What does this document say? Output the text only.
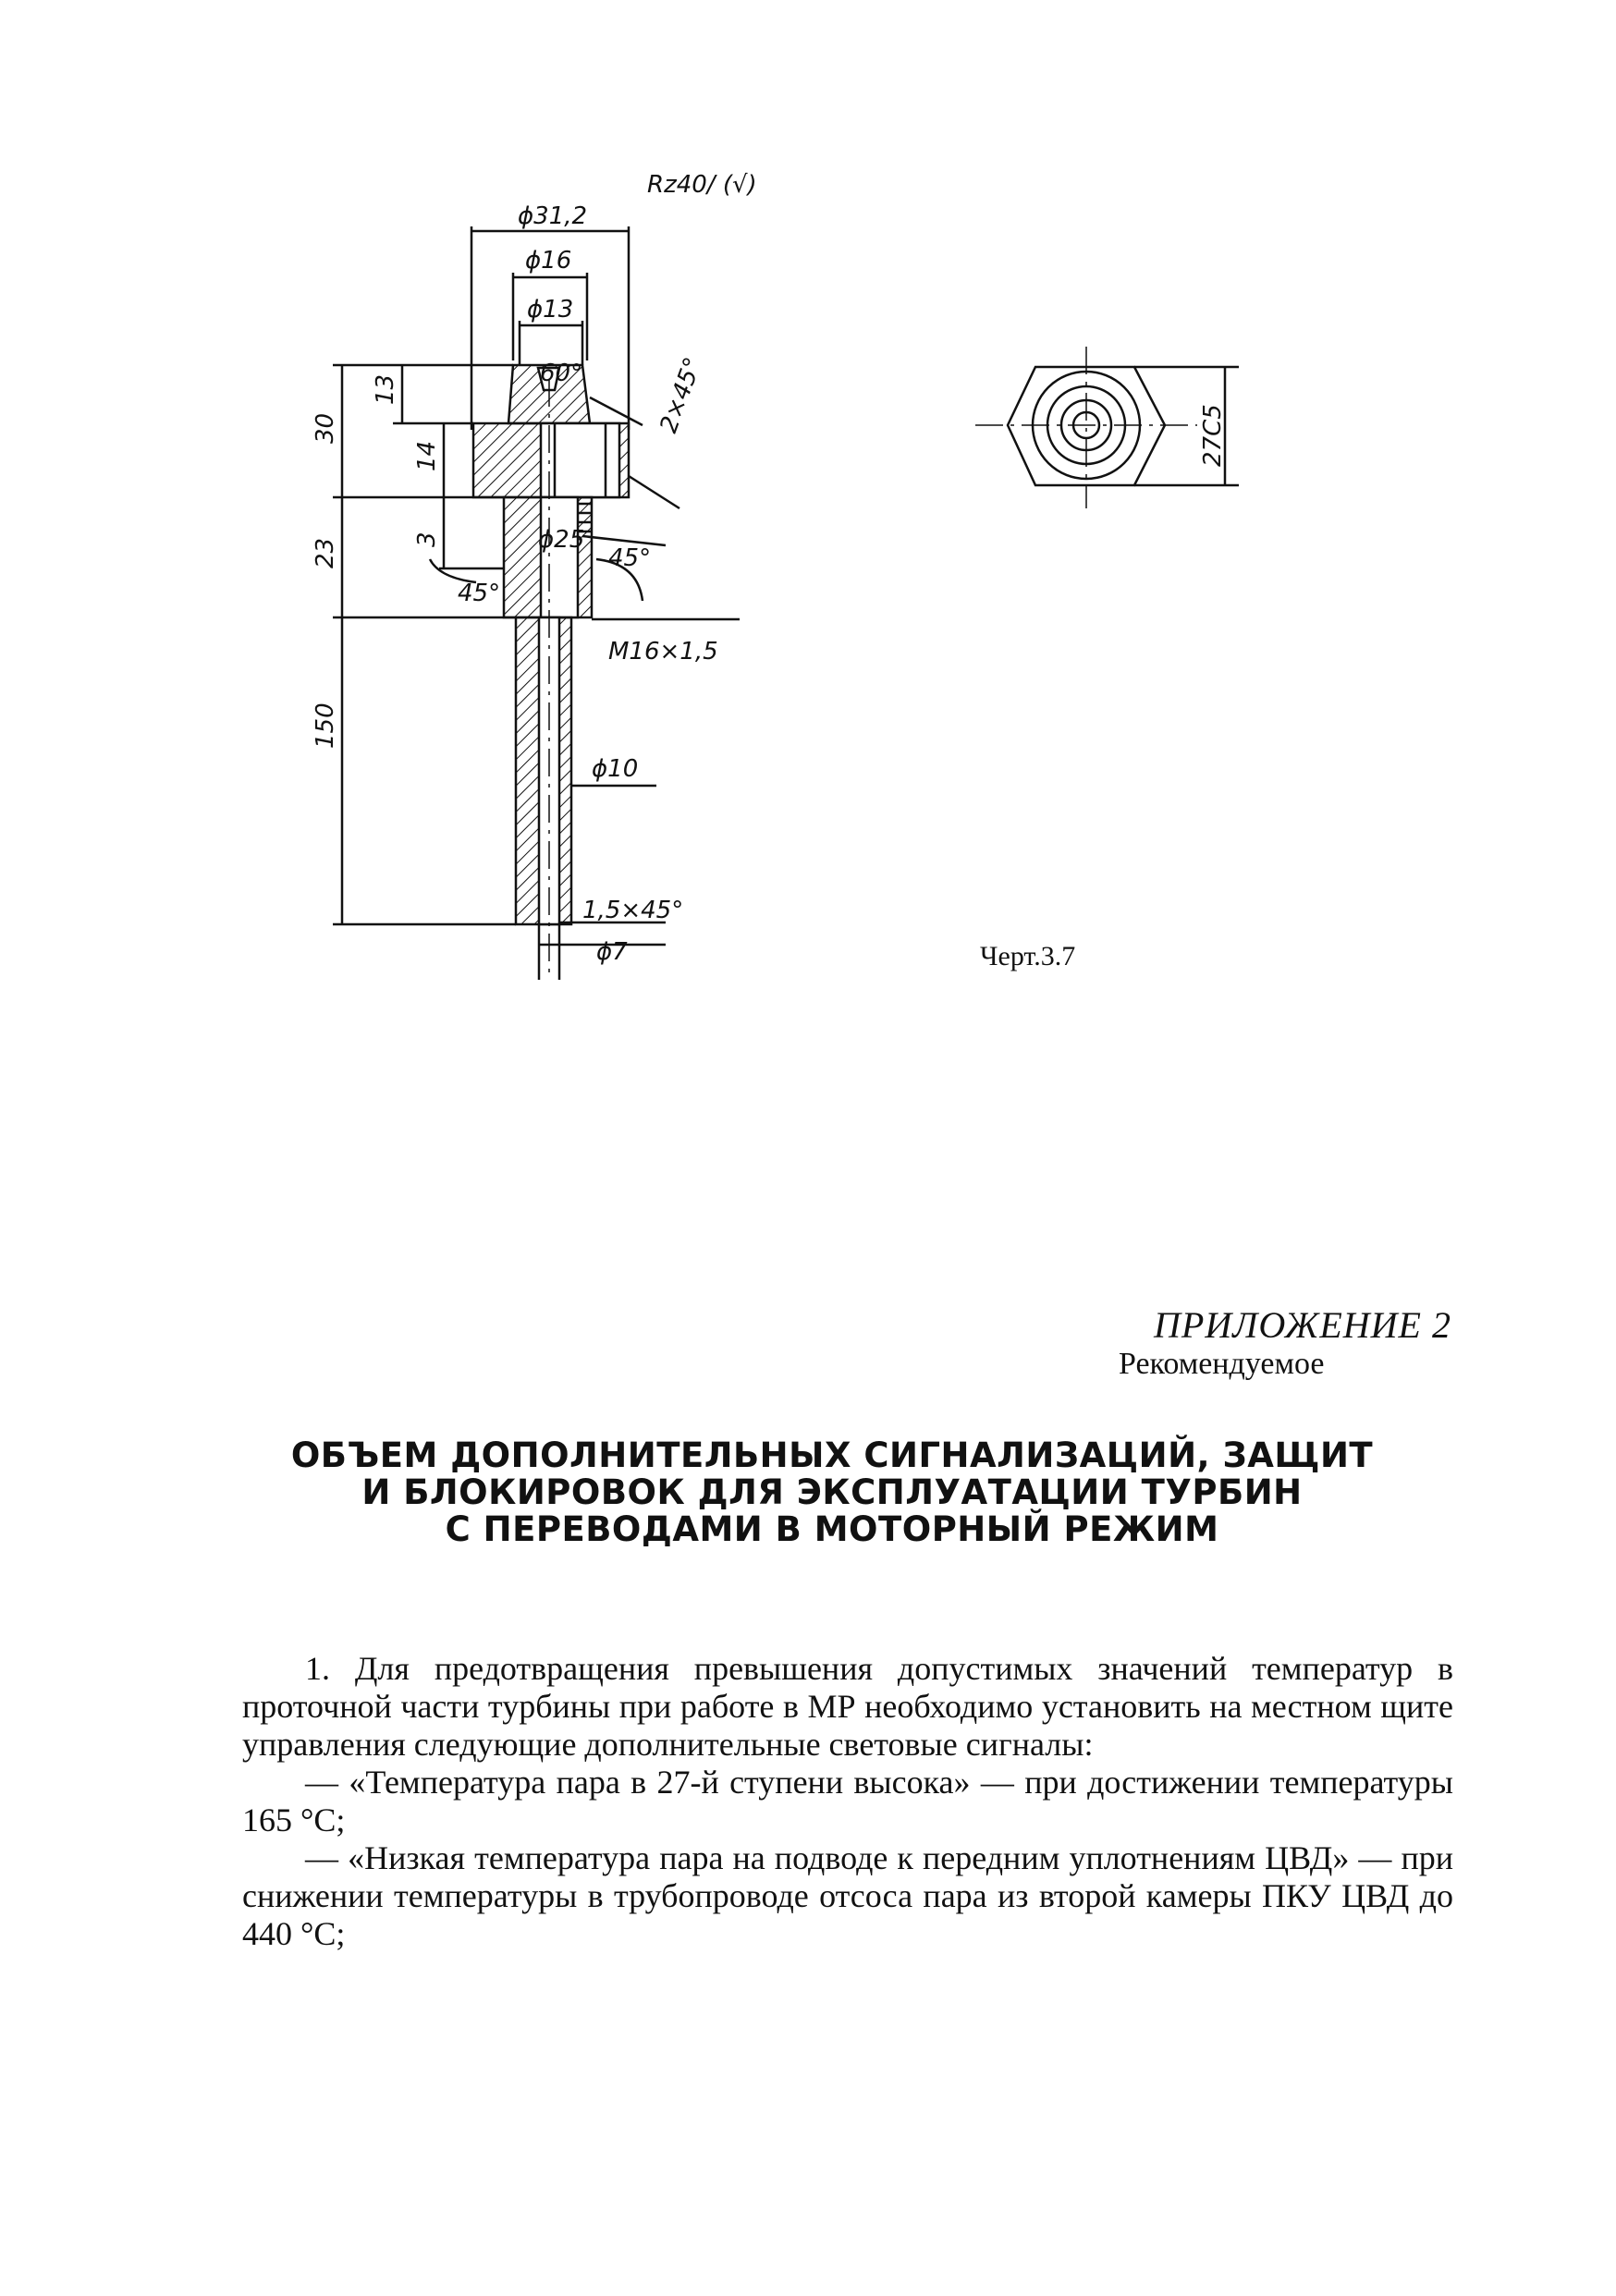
Rz40/ (√)
ϕ31,2
ϕ16
ϕ13
60°
30
13
14
2×45°
23	3	ϕ25
45°
45°
M16×1,5
150
ϕ10
1,5×45°
ϕ7
27С5
Черт.3.7
ПРИЛОЖЕНИЕ 2
Рекомендуемое
ОБЪЕМ ДОПОЛНИТЕЛЬНЫХ СИГНАЛИЗАЦИЙ, ЗАЩИТ
И БЛОКИРОВОК ДЛЯ ЭКСПЛУАТАЦИИ ТУРБИН
С ПЕРЕВОДАМИ В МОТОРНЫЙ РЕЖИМ

1. Для предотвращения превышения допустимых значений температур в проточной части турбины при работе в МР необходимо установить на местном щите управления следующие дополнительные световые сигналы:

— «Температура пара в 27-й ступени высока» — при достижении температуры 165 °С;

— «Низкая температура пара на подводе к передним уплотнениям ЦВД» — при снижении температуры в трубопроводе отсоса пара из второй камеры ПКУ ЦВД до 440 °С;
